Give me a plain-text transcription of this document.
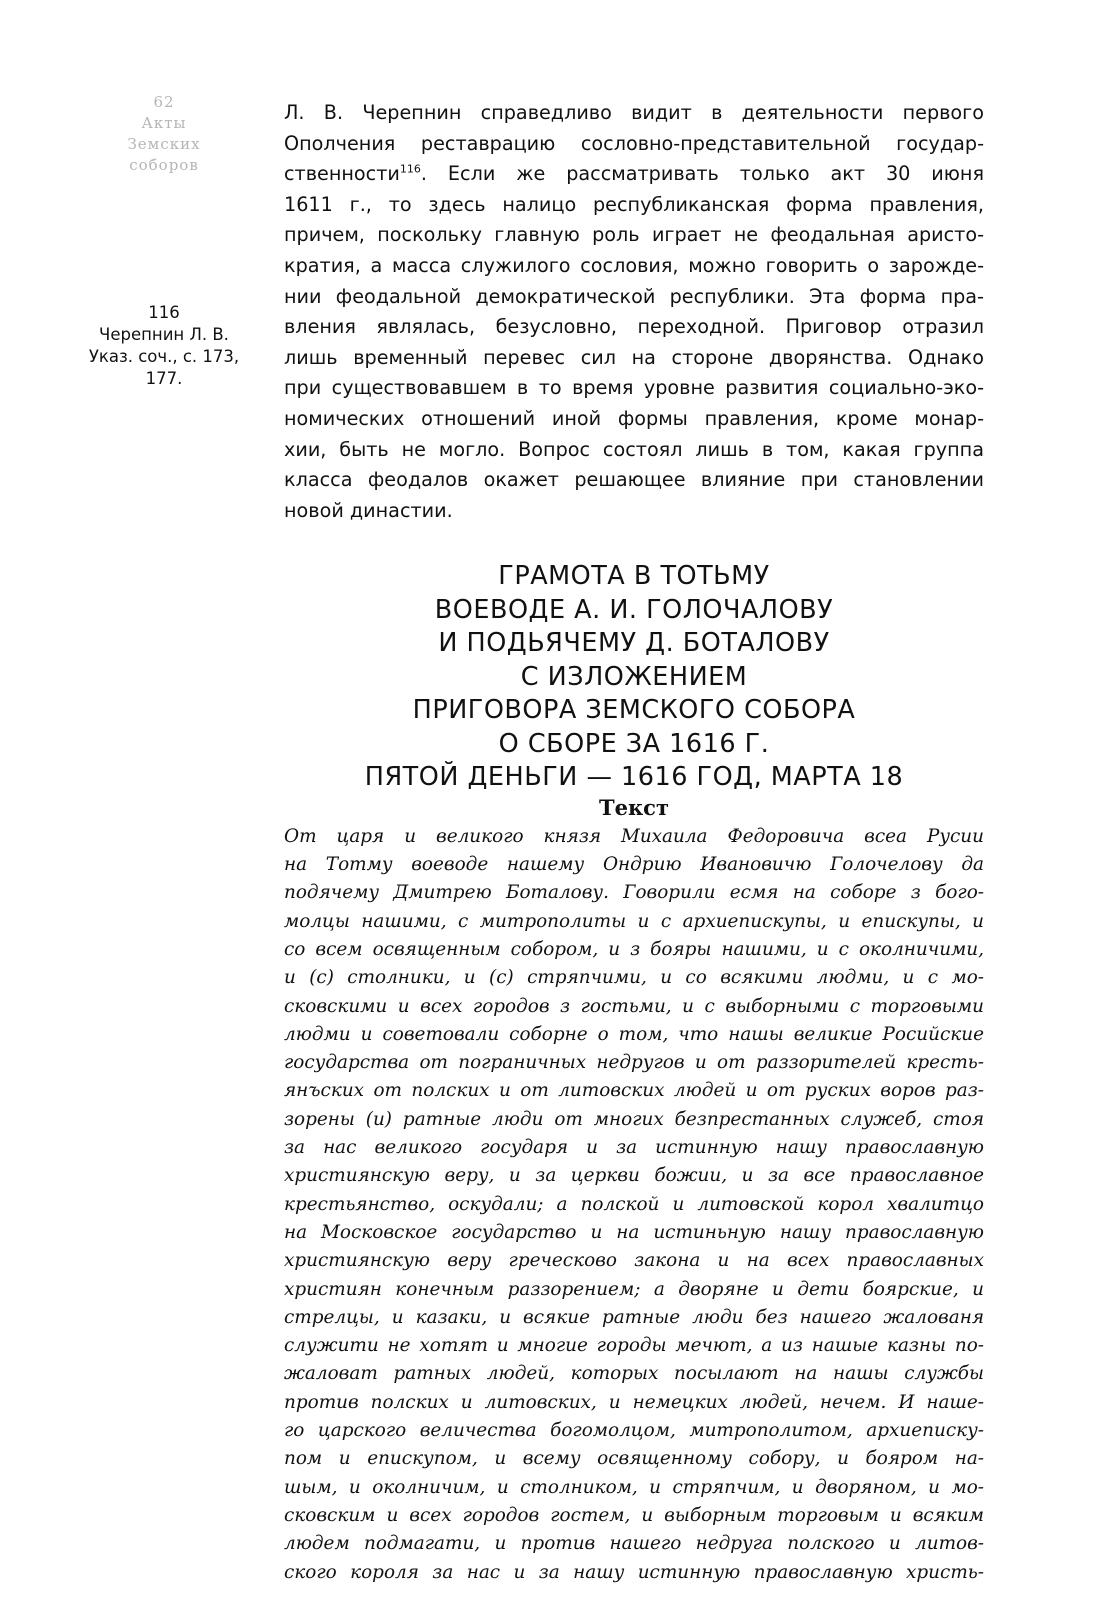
62
Акты
Земских
соборов
116
Черепнин Л. В.
Указ. соч., с. 173,
177.
Л. В. Черепнин справедливо видит в деятельности первого
Ополчения реставрацию сословно-представительной государ-
ственности$^{116}$. Если же рассматривать только акт 30 июня
1611 г., то здесь налицо республиканская форма правления,
причем, поскольку главную роль играет не феодальная аристо-
кратия, а масса служилого сословия, можно говорить о зарожде-
нии феодальной демократической республики. Эта форма пра-
вления являлась, безусловно, переходной. Приговор отразил
лишь временный перевес сил на стороне дворянства. Однако
при существовавшем в то время уровне развития социально-эко-
номических отношений иной формы правления, кроме монар-
хии, быть не могло. Вопрос состоял лишь в том, какая группа
класса феодалов окажет решающее влияние при становлении
новой династии.
ГРАМОТА В ТОТЬМУ
ВОЕВОДЕ А. И. ГОЛОЧАЛОВУ
И ПОДЬЯЧЕМУ Д. БОТАЛОВУ
С ИЗЛОЖЕНИЕМ
ПРИГОВОРА ЗЕМСКОГО СОБОРА
О СБОРЕ ЗА 1616 Г.
ПЯТОЙ ДЕНЬГИ — 1616 ГОД, МАРТА 18
Текст
От царя и великого князя Михаила Федоровича всеа Русии
на Тотму воеводе нашему Ондрию Ивановичю Голочелову да
подячему Дмитрею Боталову. Говорили есмя на соборе з бого-
молцы нашими, с митрополиты и с архиепискупы, и епискупы, и
со всем освященным собором, и з бояры нашими, и с околничими,
и (с) столники, и (с) стряпчими, и со всякими людми, и с мо-
сковскими и всех городов з гостьми, и с выборными с торговыми
людми и советовали соборне о том, что нашы великие Росийские
государства от пограничных недругов и от раззорителей кресть-
янъских от полских и от литовских людей и от руских воров раз-
зорены (и) ратные люди от многих безпрестанных служеб, стоя
за нас великого государя и за истинную нашу православную
християнскую веру, и за церкви божии, и за все православное
крестьянство, оскудали; а полской и литовской корол хвалитцо
на Московское государство и на истиньную нашу православную
християнскую веру греческово закона и на всех православных
християн конечным раззорением; а дворяне и дети боярские, и
стрелцы, и казаки, и всякие ратные люди без нашего жалованя
служити не хотят и многие городы мечют, а из нашые казны по-
жаловат ратных людей, которых посылают на нашы службы
против полских и литовских, и немецких людей, нечем. И наше-
го царского величества богомолцом, митрополитом, архиеписку-
пом и епискупом, и всему освященному собору, и бояром на-
шым, и околничим, и столником, и стряпчим, и дворяном, и мо-
сковским и всех городов гостем, и выборным торговым и всяким
людем подмагати, и против нашего недруга полского и литов-
ского короля за нас и за нашу истинную православную христь-
